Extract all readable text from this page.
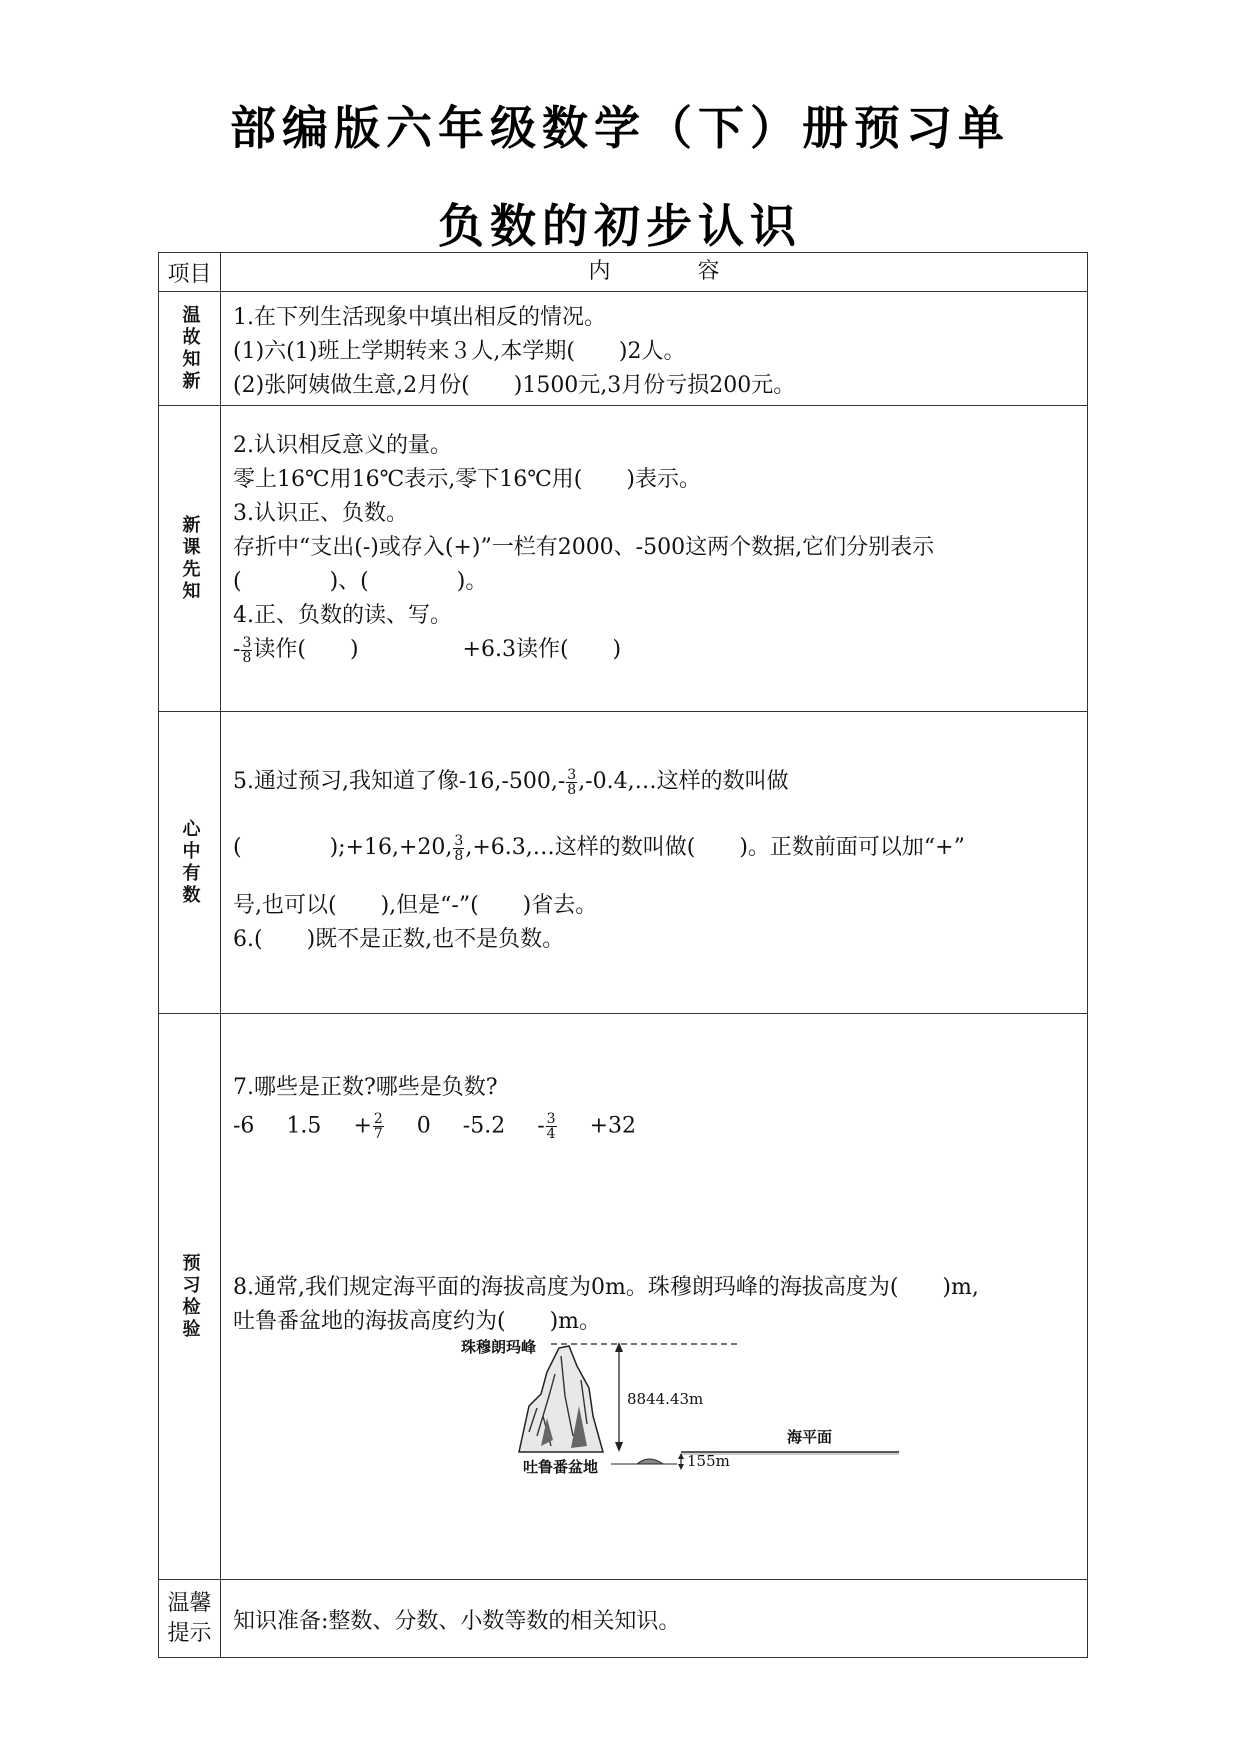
部编版六年级数学（下）册预习单
负数的初步认识
项目	内 容
温故知新 1.在下列生活现象中填出相反的情况。
(1)六(1)班上学期转来３人,本学期(　　)2人。
(2)张阿姨做生意,2月份(　　)1500元,3月份亏损200元。
新课先知
2.认识相反意义的量。
零上16℃用16℃表示,零下16℃用(　　)表示。
3.认识正、负数。
存折中“支出(-)或存入(+)”一栏有2000、-500这两个数据,它们分别表示
(　　　　)、(　　　　)。
4.正、负数的读、写。
- $\frac{3}{8}$ 读作(　　)	+6.3读作(　　)
心中有数
5.通过预习,我知道了像$-16,-500,- \frac{3}{8}$ ,-0.4,…这样的数叫做
(　　　　);+16,+20, $\frac{3}{8}$ ,+6.3,…这样的数叫做(　　)。正数前面可以加“+”
号,也可以(　　),但是“-”(　　)省去。
6.(　　)既不是正数,也不是负数。
预习检验
7.哪些是正数?哪些是负数?
-6 $1.5 + \frac{2}{7} 0$ $-5.2 - \frac{3}{4} +32$
8.通常,我们规定海平面的海拔高度为0m。珠穆朗玛峰的海拔高度为(　　)m,
吐鲁番盆地的海拔高度约为(　　)m。
珠穆朗玛峰
8844.43m
海平面
吐鲁番盆地	155m
温馨提示 知识准备:整数、分数、小数等数的相关知识。
